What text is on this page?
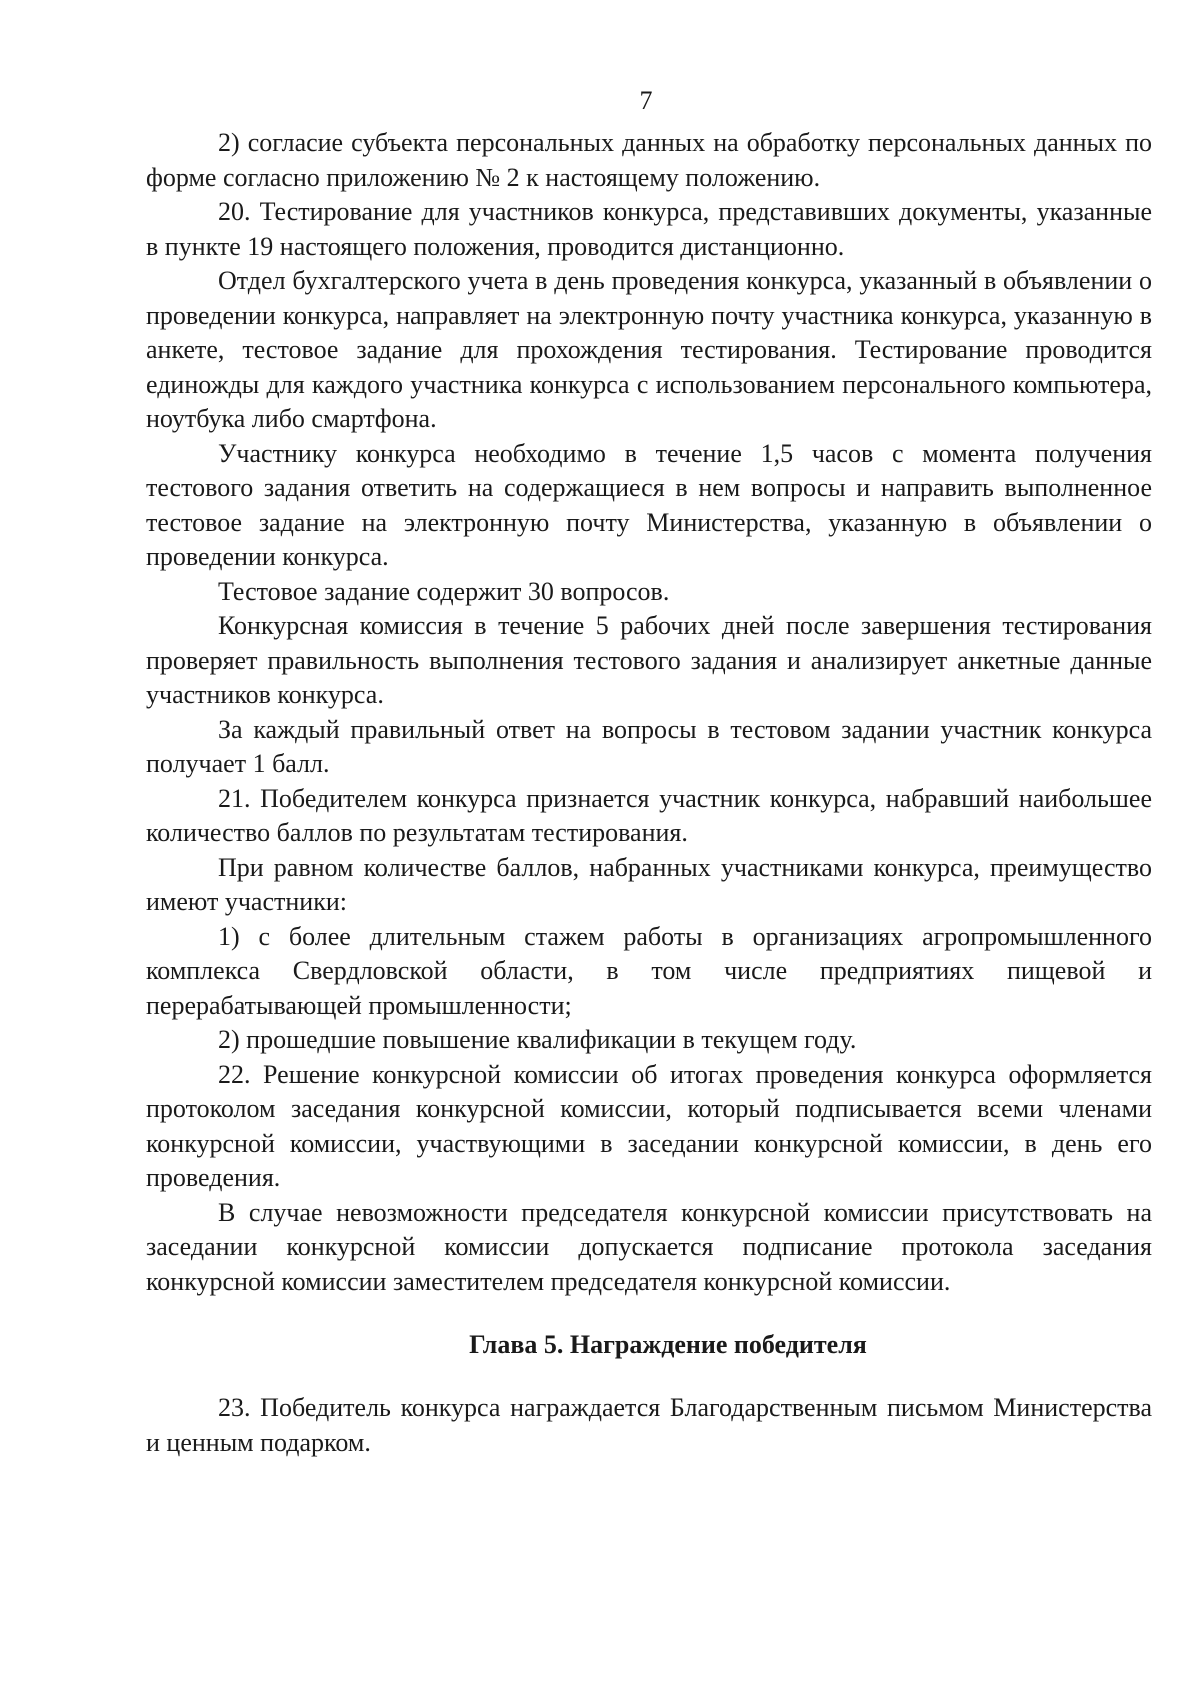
7

2) согласие субъекта персональных данных на обработку персональных данных по форме согласно приложению № 2 к настоящему положению.

20. Тестирование для участников конкурса, представивших документы, указанные в пункте 19 настоящего положения, проводится дистанционно.

Отдел бухгалтерского учета в день проведения конкурса, указанный в объявлении о проведении конкурса, направляет на электронную почту участника конкурса, указанную в анкете, тестовое задание для прохождения тестирования. Тестирование проводится единожды для каждого участника конкурса с использованием персонального компьютера, ноутбука либо смартфона.

Участнику конкурса необходимо в течение 1,5 часов с момента получения тестового задания ответить на содержащиеся в нем вопросы и направить выполненное тестовое задание на электронную почту Министерства, указанную в объявлении о проведении конкурса.

Тестовое задание содержит 30 вопросов.

Конкурсная комиссия в течение 5 рабочих дней после завершения тестирования проверяет правильность выполнения тестового задания и анализирует анкетные данные участников конкурса.

За каждый правильный ответ на вопросы в тестовом задании участник конкурса получает 1 балл.

21. Победителем конкурса признается участник конкурса, набравший наибольшее количество баллов по результатам тестирования.

При равном количестве баллов, набранных участниками конкурса, преимущество имеют участники:

1) с более длительным стажем работы в организациях агропромышленного комплекса Свердловской области, в том числе предприятиях пищевой и перерабатывающей промышленности;

2) прошедшие повышение квалификации в текущем году.

22. Решение конкурсной комиссии об итогах проведения конкурса оформляется протоколом заседания конкурсной комиссии, который подписывается всеми членами конкурсной комиссии, участвующими в заседании конкурсной комиссии, в день его проведения.

В случае невозможности председателя конкурсной комиссии присутствовать на заседании конкурсной комиссии допускается подписание протокола заседания конкурсной комиссии заместителем председателя конкурсной комиссии.

Глава 5. Награждение победителя

23. Победитель конкурса награждается Благодарственным письмом Министерства и ценным подарком.
